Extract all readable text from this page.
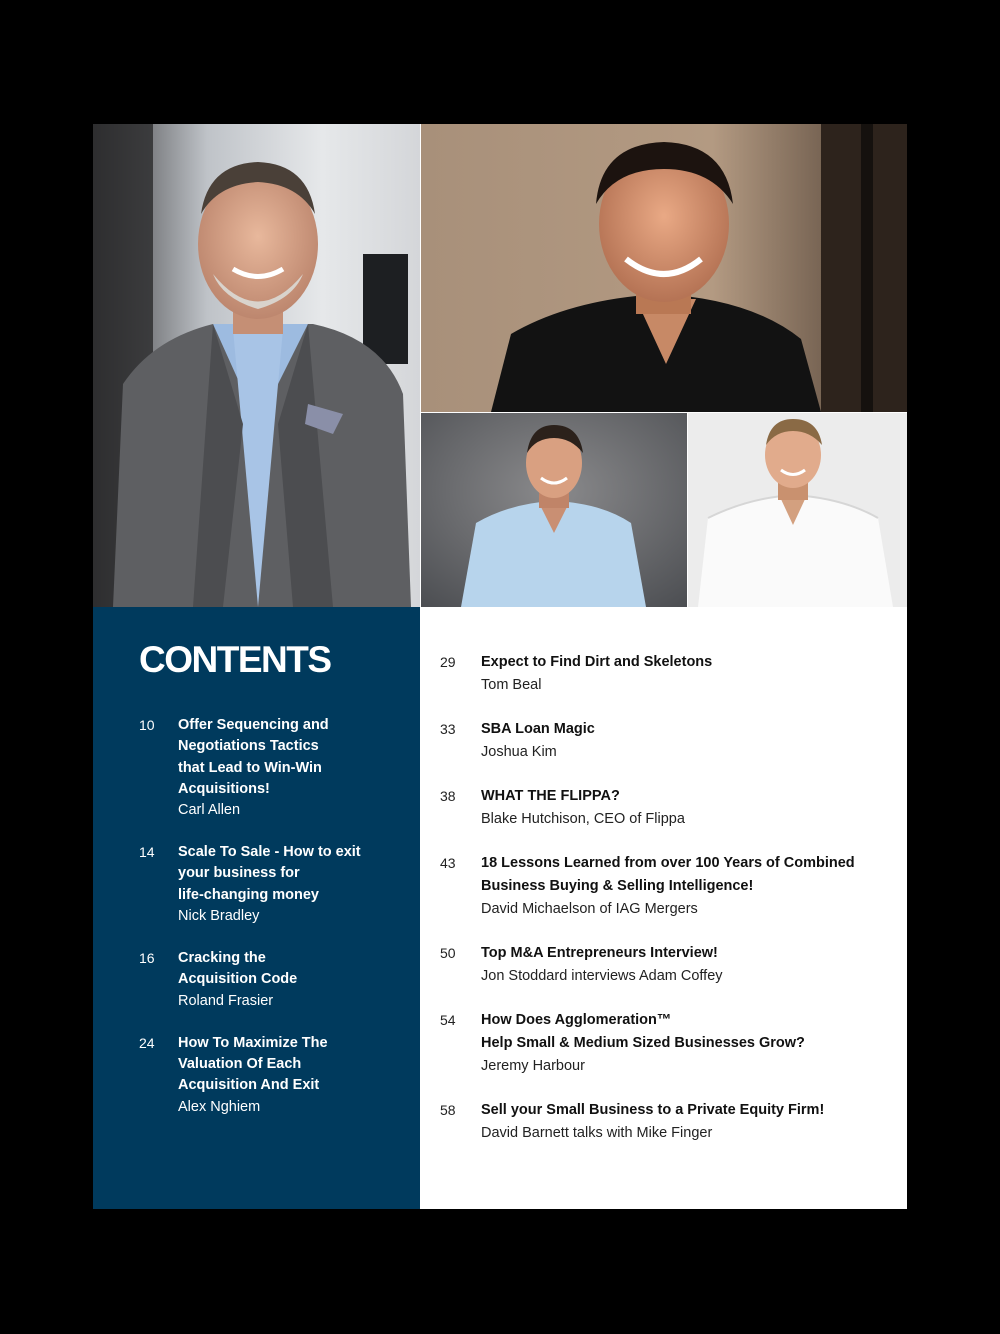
CONTENTS
10 Offer Sequencing and
Negotiations Tactics
that Lead to Win-Win
Acquisitions!
Carl Allen
14 Scale To Sale - How to exit
your business for
life-changing money
Nick Bradley
16 Cracking the
Acquisition Code
Roland Frasier
24 How To Maximize The
Valuation Of Each
Acquisition And Exit
Alex Nghiem
29 Expect to Find Dirt and Skeletons
Tom Beal
33 SBA Loan Magic
Joshua Kim
38 WHAT THE FLIPPA?
Blake Hutchison, CEO of Flippa
43 18 Lessons Learned from over 100 Years of Combined
Business Buying & Selling Intelligence!
David Michaelson of IAG Mergers
50 Top M&A Entrepreneurs Interview!
Jon Stoddard interviews Adam Coffey
54 How Does Agglomeration™
Help Small & Medium Sized Businesses Grow?
Jeremy Harbour
58 Sell your Small Business to a Private Equity Firm!
David Barnett talks with Mike Finger
